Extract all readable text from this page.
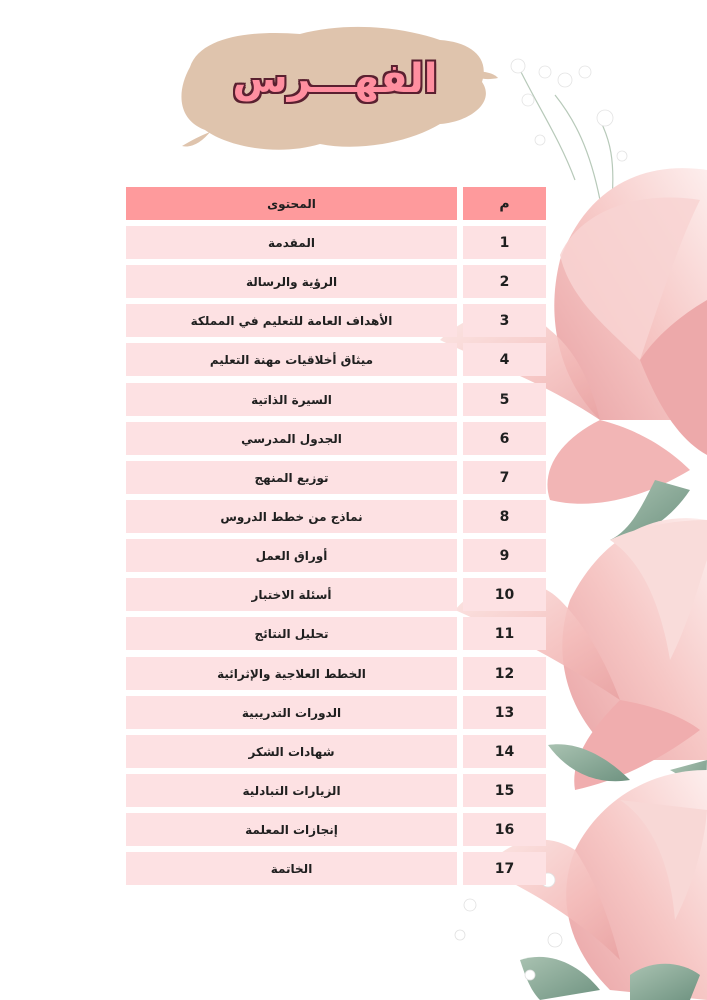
الفهـــرس
المحتوى	م
المقدمة	1
الرؤية والرسالة	2
الأهداف العامة للتعليم في المملكة	3
ميثاق أخلاقيات مهنة التعليم	4
السيرة الذاتية	5
الجدول المدرسي	6
توزيع المنهج	7
نماذج من خطط الدروس	8
أوراق العمل	9
أسئلة الاختبار	10
تحليل النتائج	11
الخطط العلاجية والإثرائية	12
الدورات التدريبية	13
شهادات الشكر	14
الزيارات التبادلية	15
إنجازات المعلمة	16
الخاتمة	17
